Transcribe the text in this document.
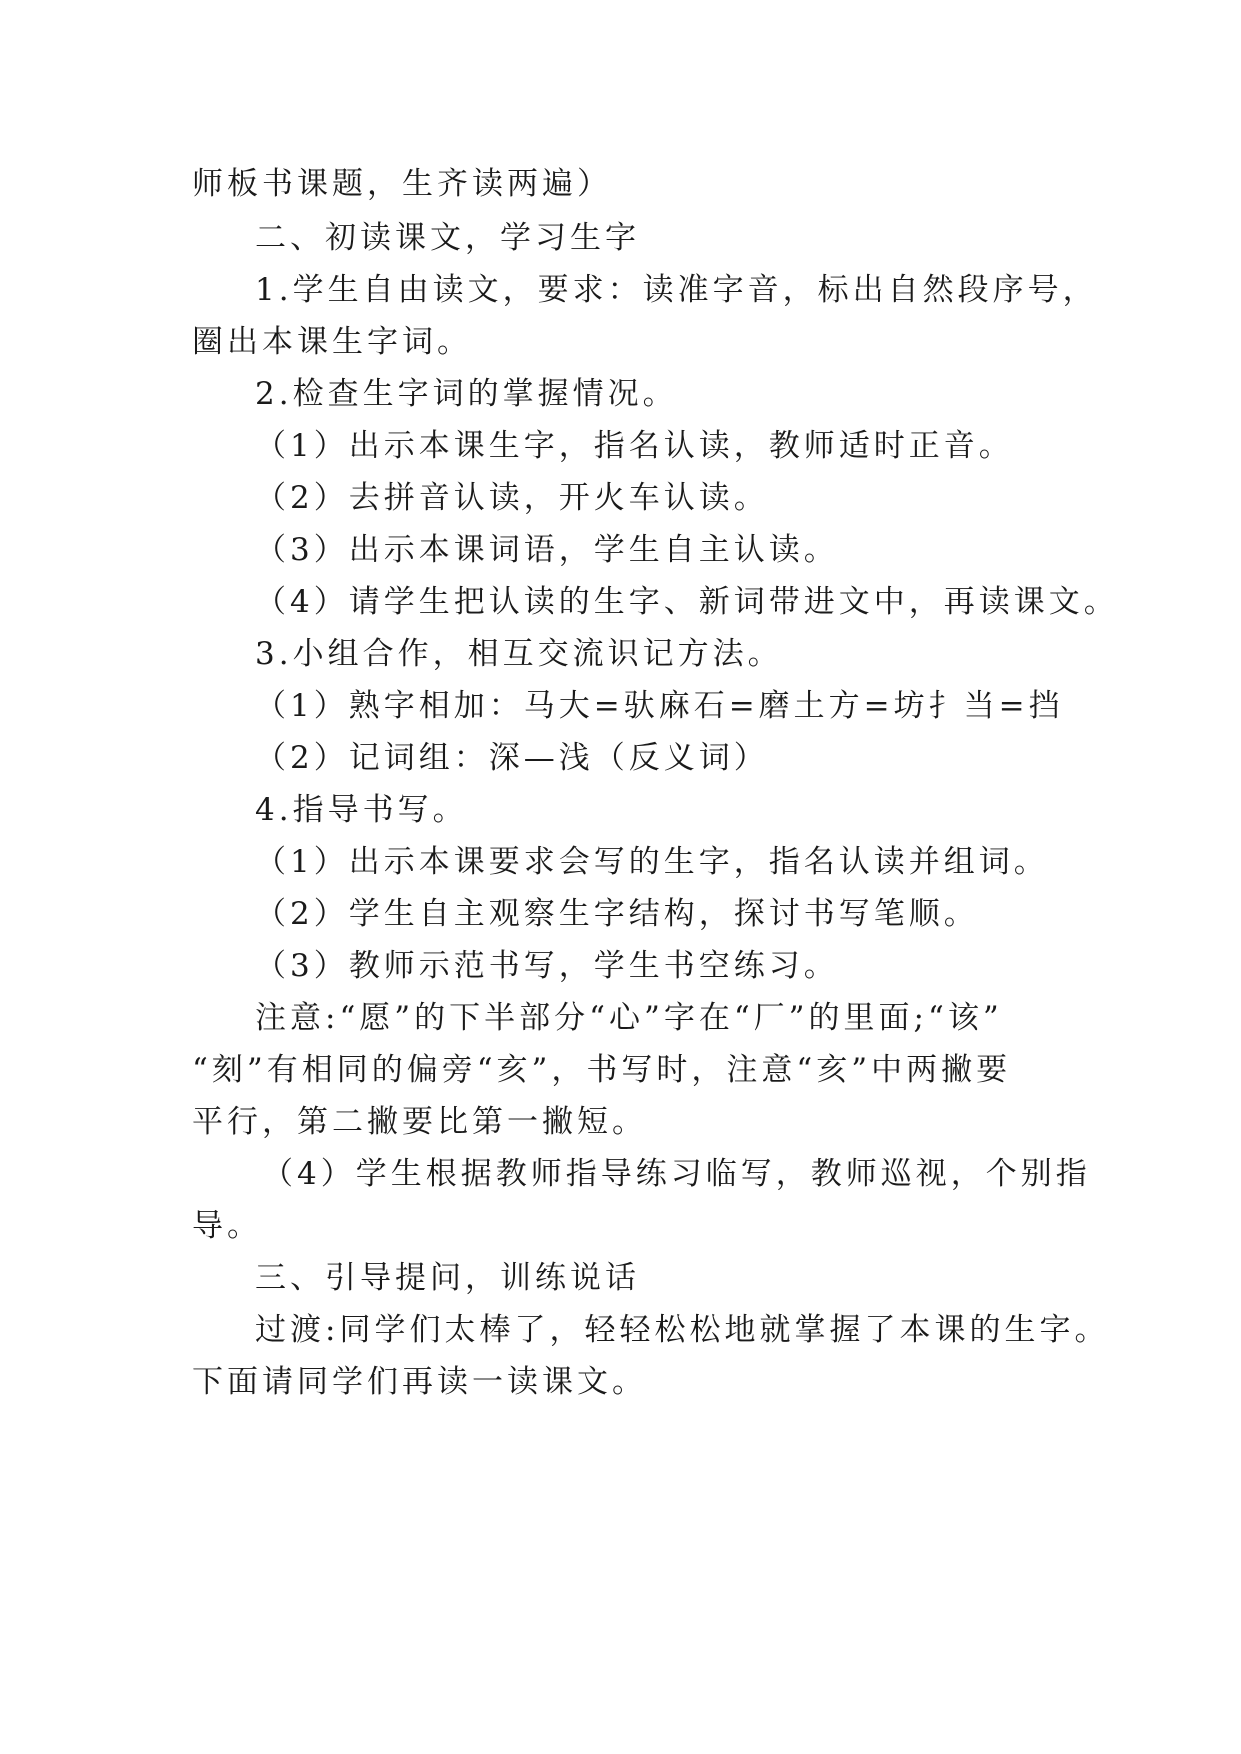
师板书课题，生齐读两遍）
二、初读课文，学习生字
1.学生自由读文，要求：读准字音，标出自然段序号，
圈出本课生字词。
2.检查生字词的掌握情况。
（1）出示本课生字，指名认读，教师适时正音。
（2）去拼音认读，开火车认读。
（3）出示本课词语，学生自主认读。
（4）请学生把认读的生字、新词带进文中，再读课文。
3.小组合作，相互交流识记方法。
（1）熟字相加：马大=驮麻石=磨土方=坊扌当=挡
（2）记词组：深—浅（反义词）
4.指导书写。
（1）出示本课要求会写的生字，指名认读并组词。
（2）学生自主观察生字结构，探讨书写笔顺。
（3）教师示范书写，学生书空练习。
注意:“愿”的下半部分“心”字在“厂”的里面;“该”
“刻”有相同的偏旁“亥”，书写时，注意“亥”中两撇要
平行，第二撇要比第一撇短。
（4）学生根据教师指导练习临写，教师巡视，个别指
导。
三、引导提问，训练说话
过渡:同学们太棒了，轻轻松松地就掌握了本课的生字。
下面请同学们再读一读课文。
